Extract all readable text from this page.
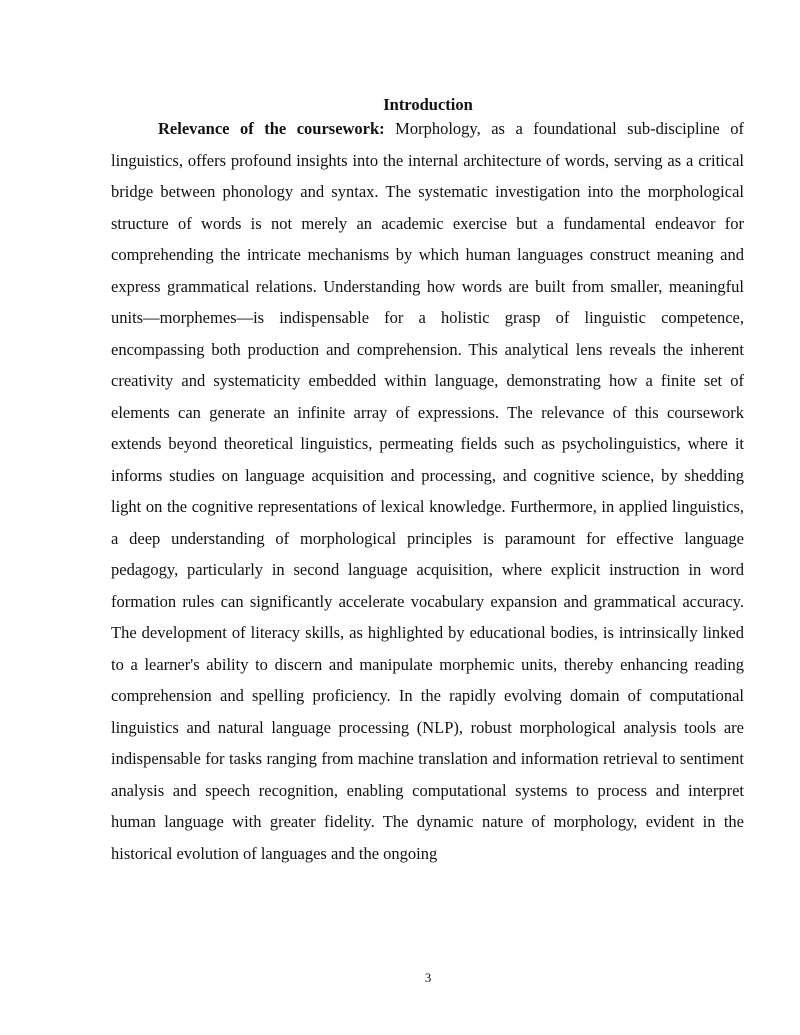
Introduction

Relevance of the coursework: Morphology, as a foundational sub-discipline of linguistics, offers profound insights into the internal architecture of words, serving as a critical bridge between phonology and syntax. The systematic investigation into the morphological structure of words is not merely an academic exercise but a fundamental endeavor for comprehending the intricate mechanisms by which human languages construct meaning and express grammatical relations. Understanding how words are built from smaller, meaningful units—morphemes—is indispensable for a holistic grasp of linguistic competence, encompassing both production and comprehension. This analytical lens reveals the inherent creativity and systematicity embedded within language, demonstrating how a finite set of elements can generate an infinite array of expressions. The relevance of this coursework extends beyond theoretical linguistics, permeating fields such as psycholinguistics, where it informs studies on language acquisition and processing, and cognitive science, by shedding light on the cognitive representations of lexical knowledge. Furthermore, in applied linguistics, a deep understanding of morphological principles is paramount for effective language pedagogy, particularly in second language acquisition, where explicit instruction in word formation rules can significantly accelerate vocabulary expansion and grammatical accuracy. The development of literacy skills, as highlighted by educational bodies, is intrinsically linked to a learner's ability to discern and manipulate morphemic units, thereby enhancing reading comprehension and spelling proficiency. In the rapidly evolving domain of computational linguistics and natural language processing (NLP), robust morphological analysis tools are indispensable for tasks ranging from machine translation and information retrieval to sentiment analysis and speech recognition, enabling computational systems to process and interpret human language with greater fidelity. The dynamic nature of morphology, evident in the historical evolution of languages and the ongoing

3
